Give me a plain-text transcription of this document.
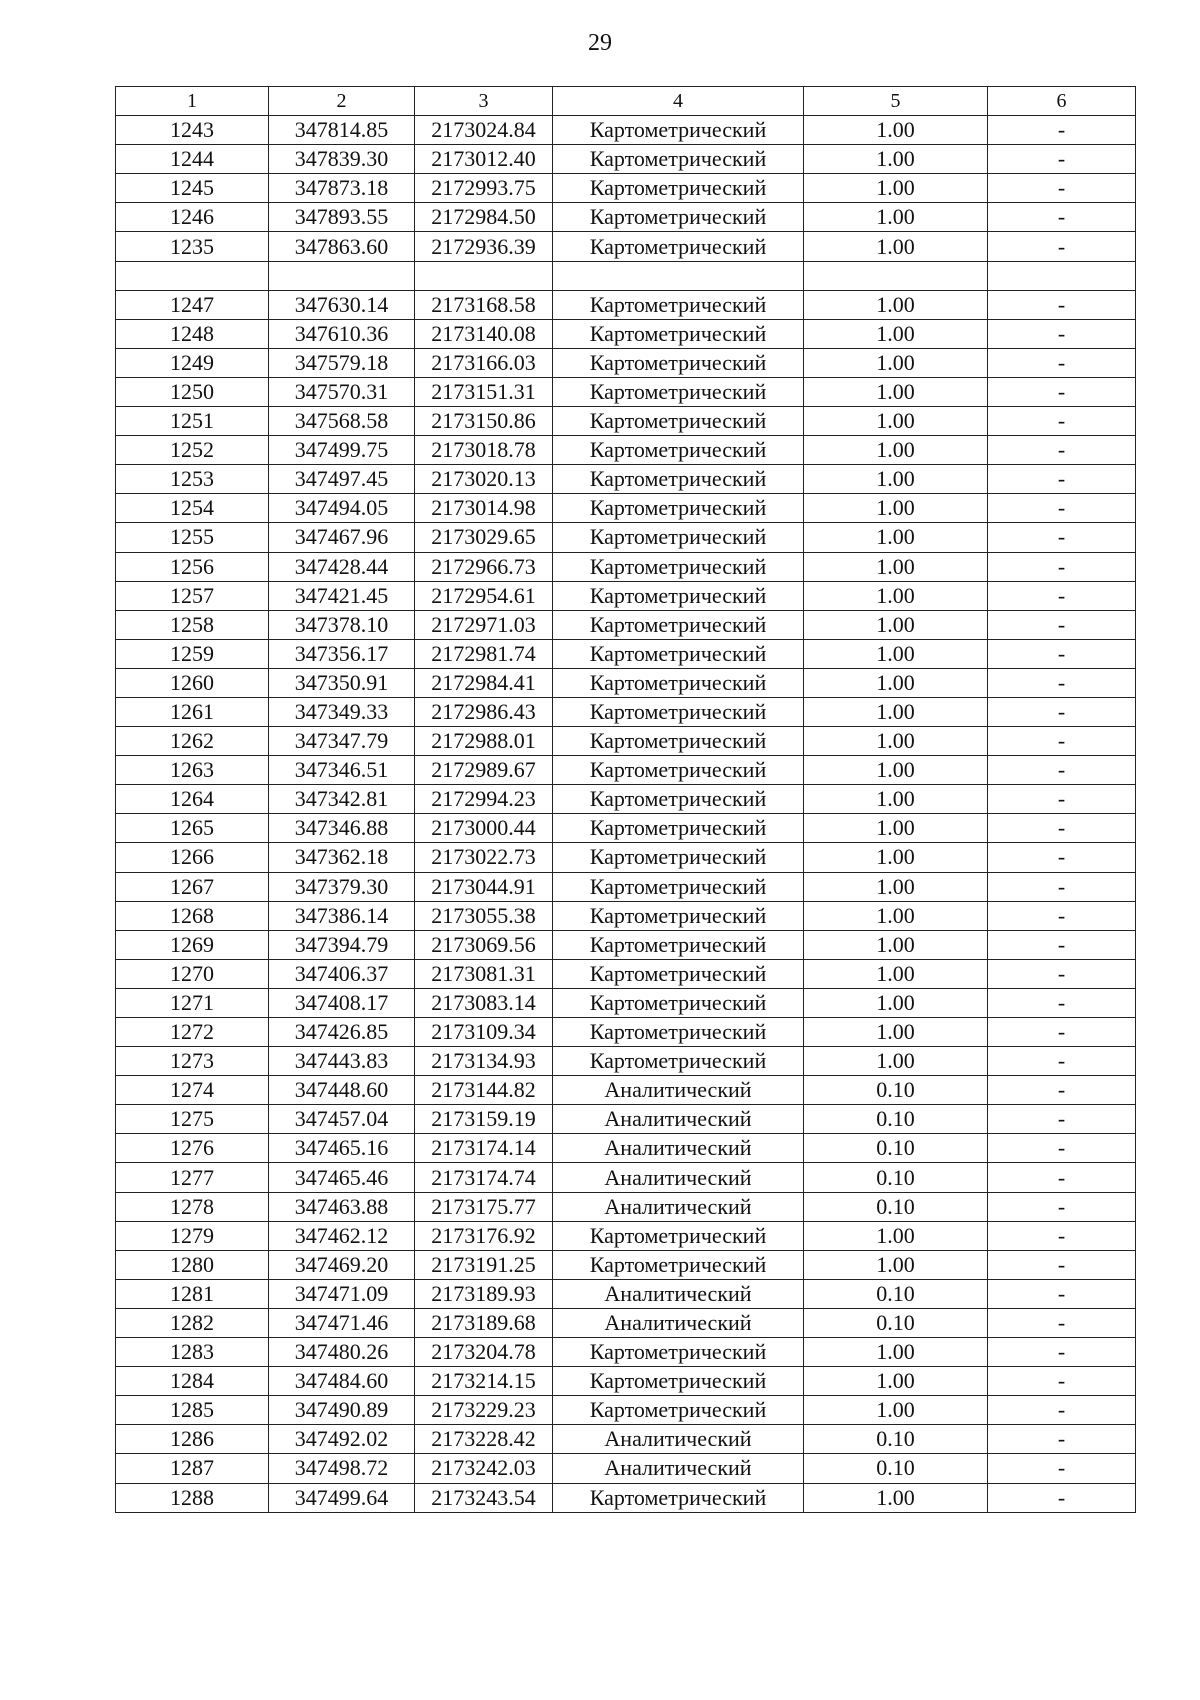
29
1	2	3	4	5	6
1243	347814.85	2173024.84	Картометрический	1.00	-
1244	347839.30	2173012.40	Картометрический	1.00	-
1245	347873.18	2172993.75	Картометрический	1.00	-
1246	347893.55	2172984.50	Картометрический	1.00	-
1235	347863.60	2172936.39	Картометрический	1.00	-

1247	347630.14	2173168.58	Картометрический	1.00	-
1248	347610.36	2173140.08	Картометрический	1.00	-
1249	347579.18	2173166.03	Картометрический	1.00	-
1250	347570.31	2173151.31	Картометрический	1.00	-
1251	347568.58	2173150.86	Картометрический	1.00	-
1252	347499.75	2173018.78	Картометрический	1.00	-
1253	347497.45	2173020.13	Картометрический	1.00	-
1254	347494.05	2173014.98	Картометрический	1.00	-
1255	347467.96	2173029.65	Картометрический	1.00	-
1256	347428.44	2172966.73	Картометрический	1.00	-
1257	347421.45	2172954.61	Картометрический	1.00	-
1258	347378.10	2172971.03	Картометрический	1.00	-
1259	347356.17	2172981.74	Картометрический	1.00	-
1260	347350.91	2172984.41	Картометрический	1.00	-
1261	347349.33	2172986.43	Картометрический	1.00	-
1262	347347.79	2172988.01	Картометрический	1.00	-
1263	347346.51	2172989.67	Картометрический	1.00	-
1264	347342.81	2172994.23	Картометрический	1.00	-
1265	347346.88	2173000.44	Картометрический	1.00	-
1266	347362.18	2173022.73	Картометрический	1.00	-
1267	347379.30	2173044.91	Картометрический	1.00	-
1268	347386.14	2173055.38	Картометрический	1.00	-
1269	347394.79	2173069.56	Картометрический	1.00	-
1270	347406.37	2173081.31	Картометрический	1.00	-
1271	347408.17	2173083.14	Картометрический	1.00	-
1272	347426.85	2173109.34	Картометрический	1.00	-
1273	347443.83	2173134.93	Картометрический	1.00	-
1274	347448.60	2173144.82	Аналитический	0.10	-
1275	347457.04	2173159.19	Аналитический	0.10	-
1276	347465.16	2173174.14	Аналитический	0.10	-
1277	347465.46	2173174.74	Аналитический	0.10	-
1278	347463.88	2173175.77	Аналитический	0.10	-
1279	347462.12	2173176.92	Картометрический	1.00	-
1280	347469.20	2173191.25	Картометрический	1.00	-
1281	347471.09	2173189.93	Аналитический	0.10	-
1282	347471.46	2173189.68	Аналитический	0.10	-
1283	347480.26	2173204.78	Картометрический	1.00	-
1284	347484.60	2173214.15	Картометрический	1.00	-
1285	347490.89	2173229.23	Картометрический	1.00	-
1286	347492.02	2173228.42	Аналитический	0.10	-
1287	347498.72	2173242.03	Аналитический	0.10	-
1288	347499.64	2173243.54	Картометрический	1.00	-
